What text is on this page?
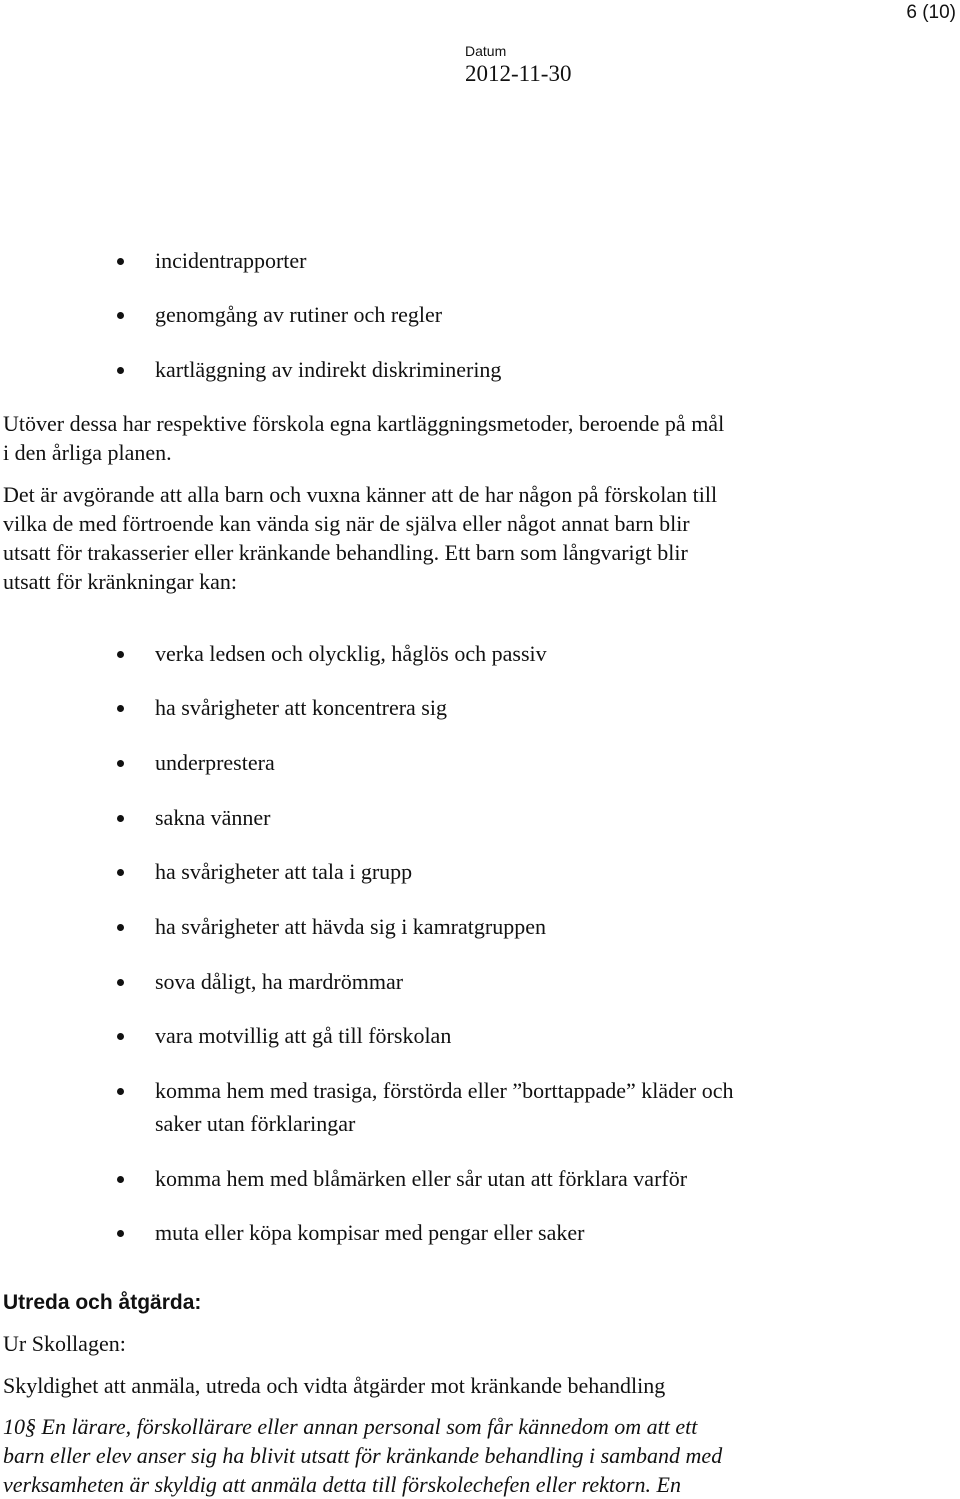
6 (10)
Datum
2012-11-30
incidentrapporter
genomgång av rutiner och regler
kartläggning av indirekt diskriminering
Utöver dessa har respektive förskola egna kartläggningsmetoder, beroende på mål
i den årliga planen.
Det är avgörande att alla barn och vuxna känner att de har någon på förskolan till
vilka de med förtroende kan vända sig när de själva eller något annat barn blir
utsatt för trakasserier eller kränkande behandling. Ett barn som långvarigt blir
utsatt för kränkningar kan:
verka ledsen och olycklig, håglös och passiv
ha svårigheter att koncentrera sig
underprestera
sakna vänner
ha svårigheter att tala i grupp
ha svårigheter att hävda sig i kamratgruppen
sova dåligt, ha mardrömmar
vara motvillig att gå till förskolan
komma hem med trasiga, förstörda eller ”borttappade” kläder och
saker utan förklaringar
komma hem med blåmärken eller sår utan att förklara varför
muta eller köpa kompisar med pengar eller saker
Utreda och åtgärda:
Ur Skollagen:
Skyldighet att anmäla, utreda och vidta åtgärder mot kränkande behandling
10§ En lärare, förskollärare eller annan personal som får kännedom om att ett
barn eller elev anser sig ha blivit utsatt för kränkande behandling i samband med
verksamheten är skyldig att anmäla detta till förskolechefen eller rektorn. En
